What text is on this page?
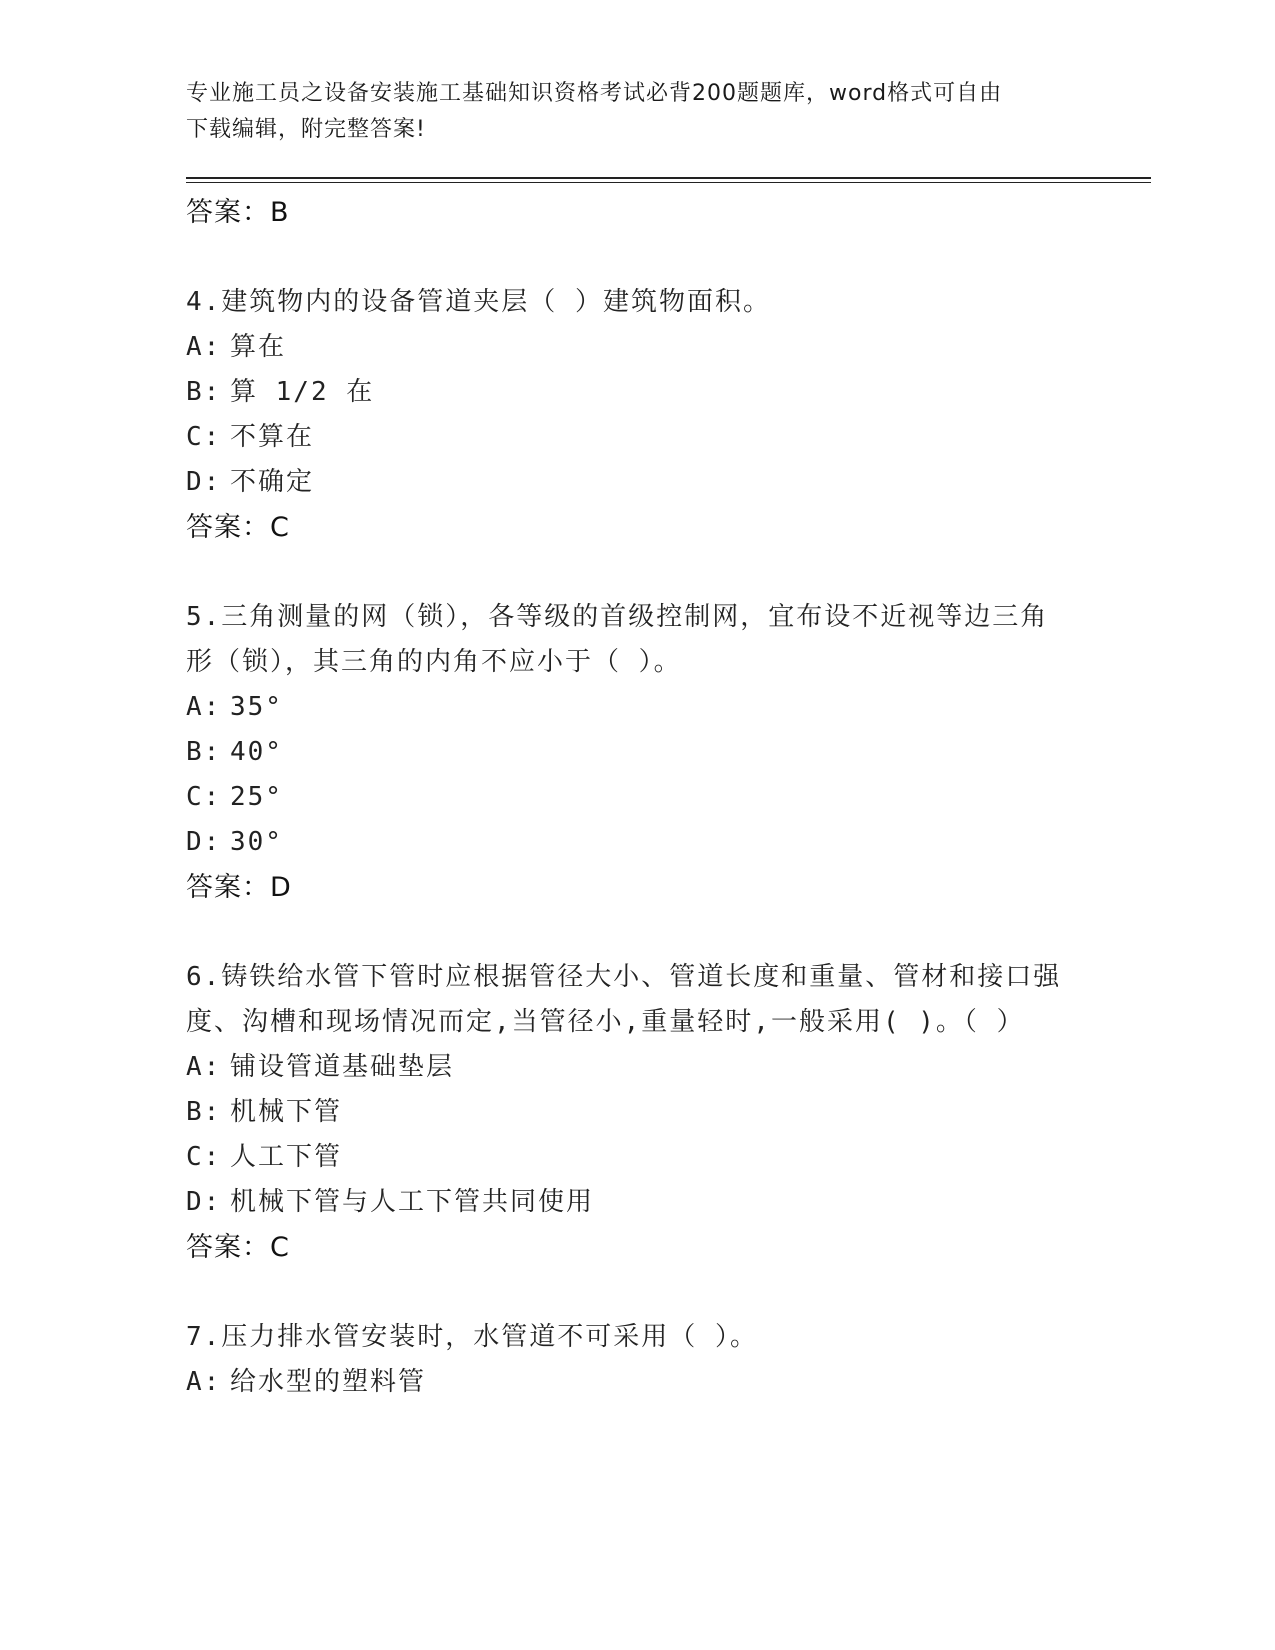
专业施工员之设备安装施工基础知识资格考试必背200题题库，word格式可自由
下载编辑，附完整答案!
答案：B
4.建筑物内的设备管道夹层（ ）建筑物面积。
A: 算在
B: 算 1/2 在
C: 不算在
D: 不确定
答案：C
5.三角测量的网（锁），各等级的首级控制网，宜布设不近视等边三角形（锁），其三角的内角不应小于（ ）。
A: 35°
B: 40°
C: 25°
D: 30°
答案：D
6.铸铁给水管下管时应根据管径大小、管道长度和重量、管材和接口强度、沟槽和现场情况而定,当管径小,重量轻时,一般采用( )。（ ）
A: 铺设管道基础垫层
B: 机械下管
C: 人工下管
D: 机械下管与人工下管共同使用
答案：C
7.压力排水管安装时，水管道不可采用（ ）。
A: 给水型的塑料管
